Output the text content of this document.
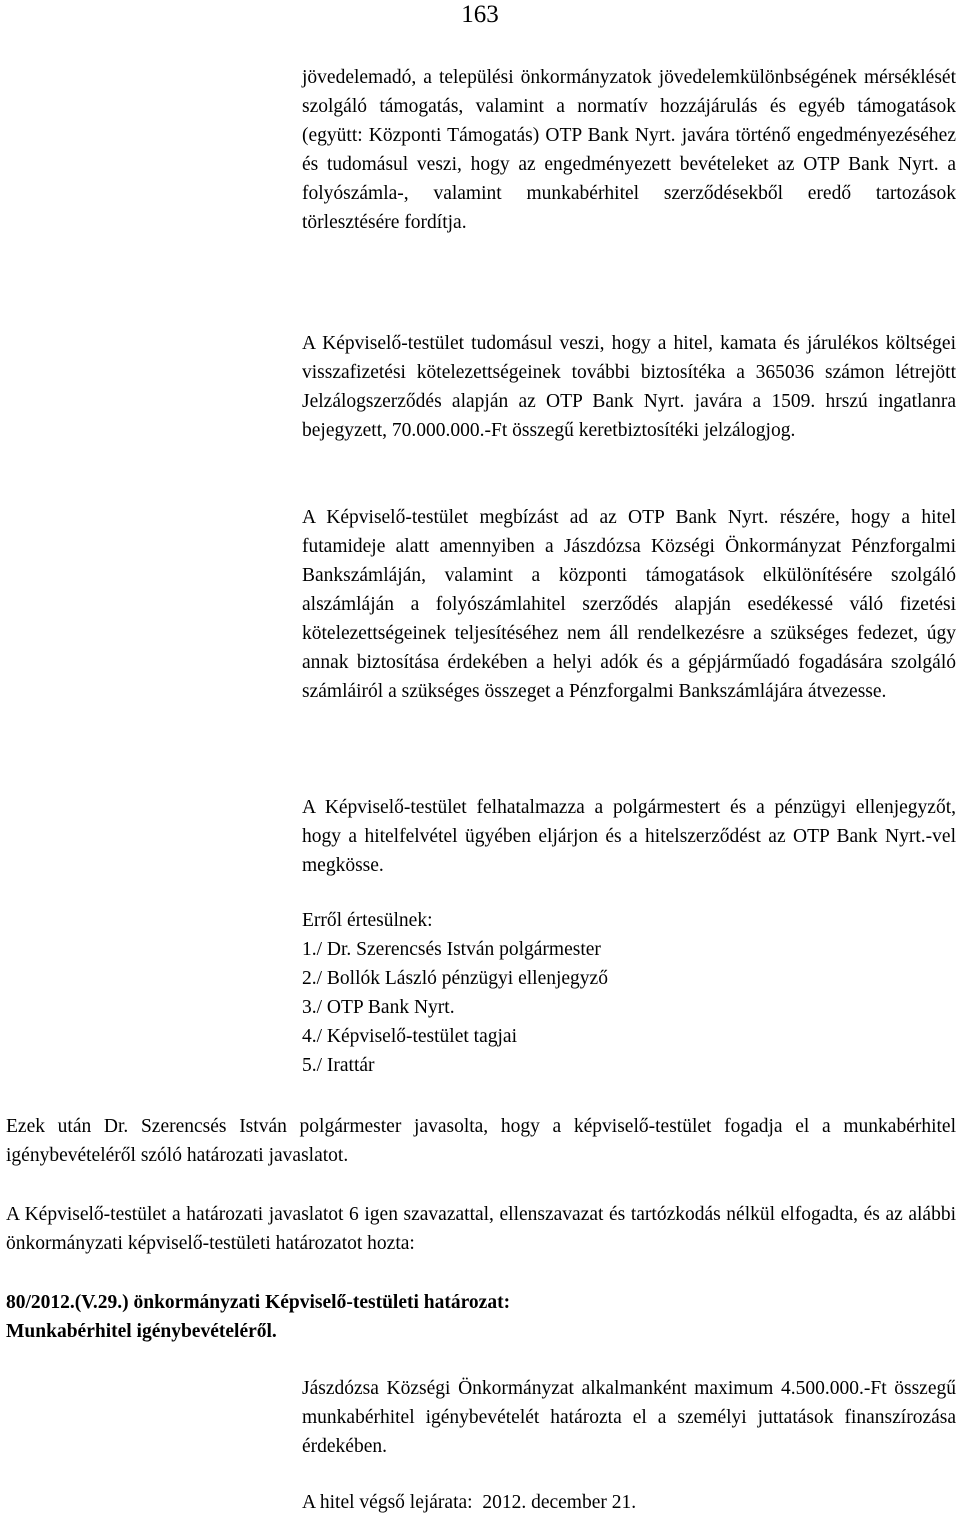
163

jövedelemadó, a települési önkormányzatok jövedelemkülönbségének mérséklését szolgáló támogatás, valamint a normatív hozzájárulás és egyéb támogatások (együtt: Központi Támogatás) OTP Bank Nyrt. javára történő engedményezéséhez és tudomásul veszi, hogy az engedményezett bevételeket az OTP Bank Nyrt. a folyószámla-, valamint munkabérhitel szerződésekből eredő tartozások törlesztésére fordítja.

A Képviselő-testület tudomásul veszi, hogy a hitel, kamata és járulékos költségei visszafizetési kötelezettségeinek további biztosítéka a 365036 számon létrejött Jelzálogszerződés alapján az OTP Bank Nyrt. javára a 1509. hrszú ingatlanra bejegyzett, 70.000.000.-Ft összegű keretbiztosítéki jelzálogjog.

A Képviselő-testület megbízást ad az OTP Bank Nyrt. részére, hogy a hitel futamideje alatt amennyiben a Jászdózsa Községi Önkormányzat Pénzforgalmi Bankszámláján, valamint a központi támogatások elkülönítésére szolgáló alszámláján a folyószámlahitel szerződés alapján esedékessé váló fizetési kötelezettségeinek teljesítéséhez nem áll rendelkezésre a szükséges fedezet, úgy annak biztosítása érdekében a helyi adók és a gépjárműadó fogadására szolgáló számláiról a szükséges összeget a Pénzforgalmi Bankszámlájára átvezesse.

A Képviselő-testület felhatalmazza a polgármestert és a pénzügyi ellenjegyzőt, hogy a hitelfelvétel ügyében eljárjon és a hitelszerződést az OTP Bank Nyrt.-vel megkösse.

Erről értesülnek:
1./ Dr. Szerencsés István polgármester
2./ Bollók László pénzügyi ellenjegyző
3./ OTP Bank Nyrt.
4./ Képviselő-testület tagjai
5./ Irattár

Ezek után Dr. Szerencsés István polgármester javasolta, hogy a képviselő-testület fogadja el a munkabérhitel igénybevételéről szóló határozati javaslatot.

A Képviselő-testület a határozati javaslatot 6 igen szavazattal, ellenszavazat és tartózkodás nélkül elfogadta, és az alábbi önkormányzati képviselő-testületi határozatot hozta:

80/2012.(V.29.) önkormányzati Képviselő-testületi határozat:
Munkabérhitel igénybevételéről.

Jászdózsa Községi Önkormányzat alkalmanként maximum 4.500.000.-Ft összegű munkabérhitel igénybevételét határozta el a személyi juttatások finanszírozása érdekében.

A hitel végső lejárata:  2012. december 21.
